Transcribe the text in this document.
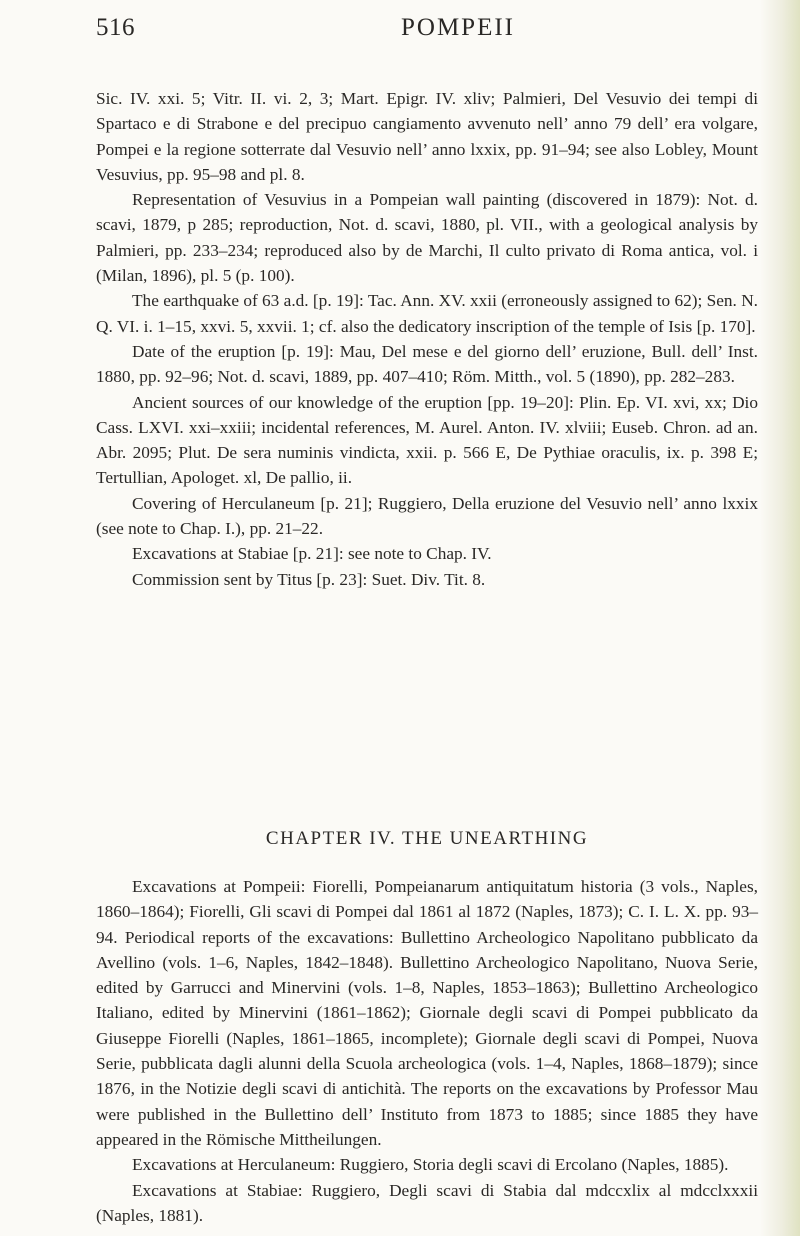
516	POMPEII

Sic. IV. xxi. 5; Vitr. II. vi. 2, 3; Mart. Epigr. IV. xliv; Palmieri, Del Vesuvio dei tempi di Spartaco e di Strabone e del precipuo cangiamento avvenuto nell’ anno 79 dell’ era volgare, Pompei e la regione sotterrate dal Vesuvio nell’ anno lxxix, pp. 91–94; see also Lobley, Mount Vesuvius, pp. 95–98 and pl. 8.

Representation of Vesuvius in a Pompeian wall painting (discovered in 1879): Not. d. scavi, 1879, p 285; reproduction, Not. d. scavi, 1880, pl. VII., with a geological analysis by Palmieri, pp. 233–234; reproduced also by de Marchi, Il culto privato di Roma antica, vol. i (Milan, 1896), pl. 5 (p. 100).

The earthquake of 63 a.d. [p. 19]: Tac. Ann. XV. xxii (erroneously assigned to 62); Sen. N. Q. VI. i. 1–15, xxvi. 5, xxvii. 1; cf. also the dedicatory inscription of the temple of Isis [p. 170].

Date of the eruption [p. 19]: Mau, Del mese e del giorno dell’ eruzione, Bull. dell’ Inst. 1880, pp. 92–96; Not. d. scavi, 1889, pp. 407–410; Röm. Mitth., vol. 5 (1890), pp. 282–283.

Ancient sources of our knowledge of the eruption [pp. 19–20]: Plin. Ep. VI. xvi, xx; Dio Cass. LXVI. xxi–xxiii; incidental references, M. Aurel. Anton. IV. xlviii; Euseb. Chron. ad an. Abr. 2095; Plut. De sera numinis vindicta, xxii. p. 566 E, De Pythiae oraculis, ix. p. 398 E; Tertullian, Apologet. xl, De pallio, ii.

Covering of Herculaneum [p. 21]; Ruggiero, Della eruzione del Vesuvio nell’ anno lxxix (see note to Chap. I.), pp. 21–22.

Excavations at Stabiae [p. 21]: see note to Chap. IV.

Commission sent by Titus [p. 23]: Suet. Div. Tit. 8.

CHAPTER IV. THE UNEARTHING

Excavations at Pompeii: Fiorelli, Pompeianarum antiquitatum historia (3 vols., Naples, 1860–1864); Fiorelli, Gli scavi di Pompei dal 1861 al 1872 (Naples, 1873); C. I. L. X. pp. 93–94. Periodical reports of the excavations: Bullettino Archeologico Napolitano pubblicato da Avellino (vols. 1–6, Naples, 1842–1848). Bullettino Archeologico Napolitano, Nuova Serie, edited by Garrucci and Minervini (vols. 1–8, Naples, 1853–1863); Bullettino Archeologico Italiano, edited by Minervini (1861–1862); Giornale degli scavi di Pompei pubblicato da Giuseppe Fiorelli (Naples, 1861–1865, incomplete); Giornale degli scavi di Pompei, Nuova Serie, pubblicata dagli alunni della Scuola archeologica (vols. 1–4, Naples, 1868–1879); since 1876, in the Notizie degli scavi di antichità. The reports on the excavations by Professor Mau were published in the Bullettino dell’ Instituto from 1873 to 1885; since 1885 they have appeared in the Römische Mittheilungen.

Excavations at Herculaneum: Ruggiero, Storia degli scavi di Ercolano (Naples, 1885).

Excavations at Stabiae: Ruggiero, Degli scavi di Stabia dal mdccxlix al mdcclxxxii (Naples, 1881).
